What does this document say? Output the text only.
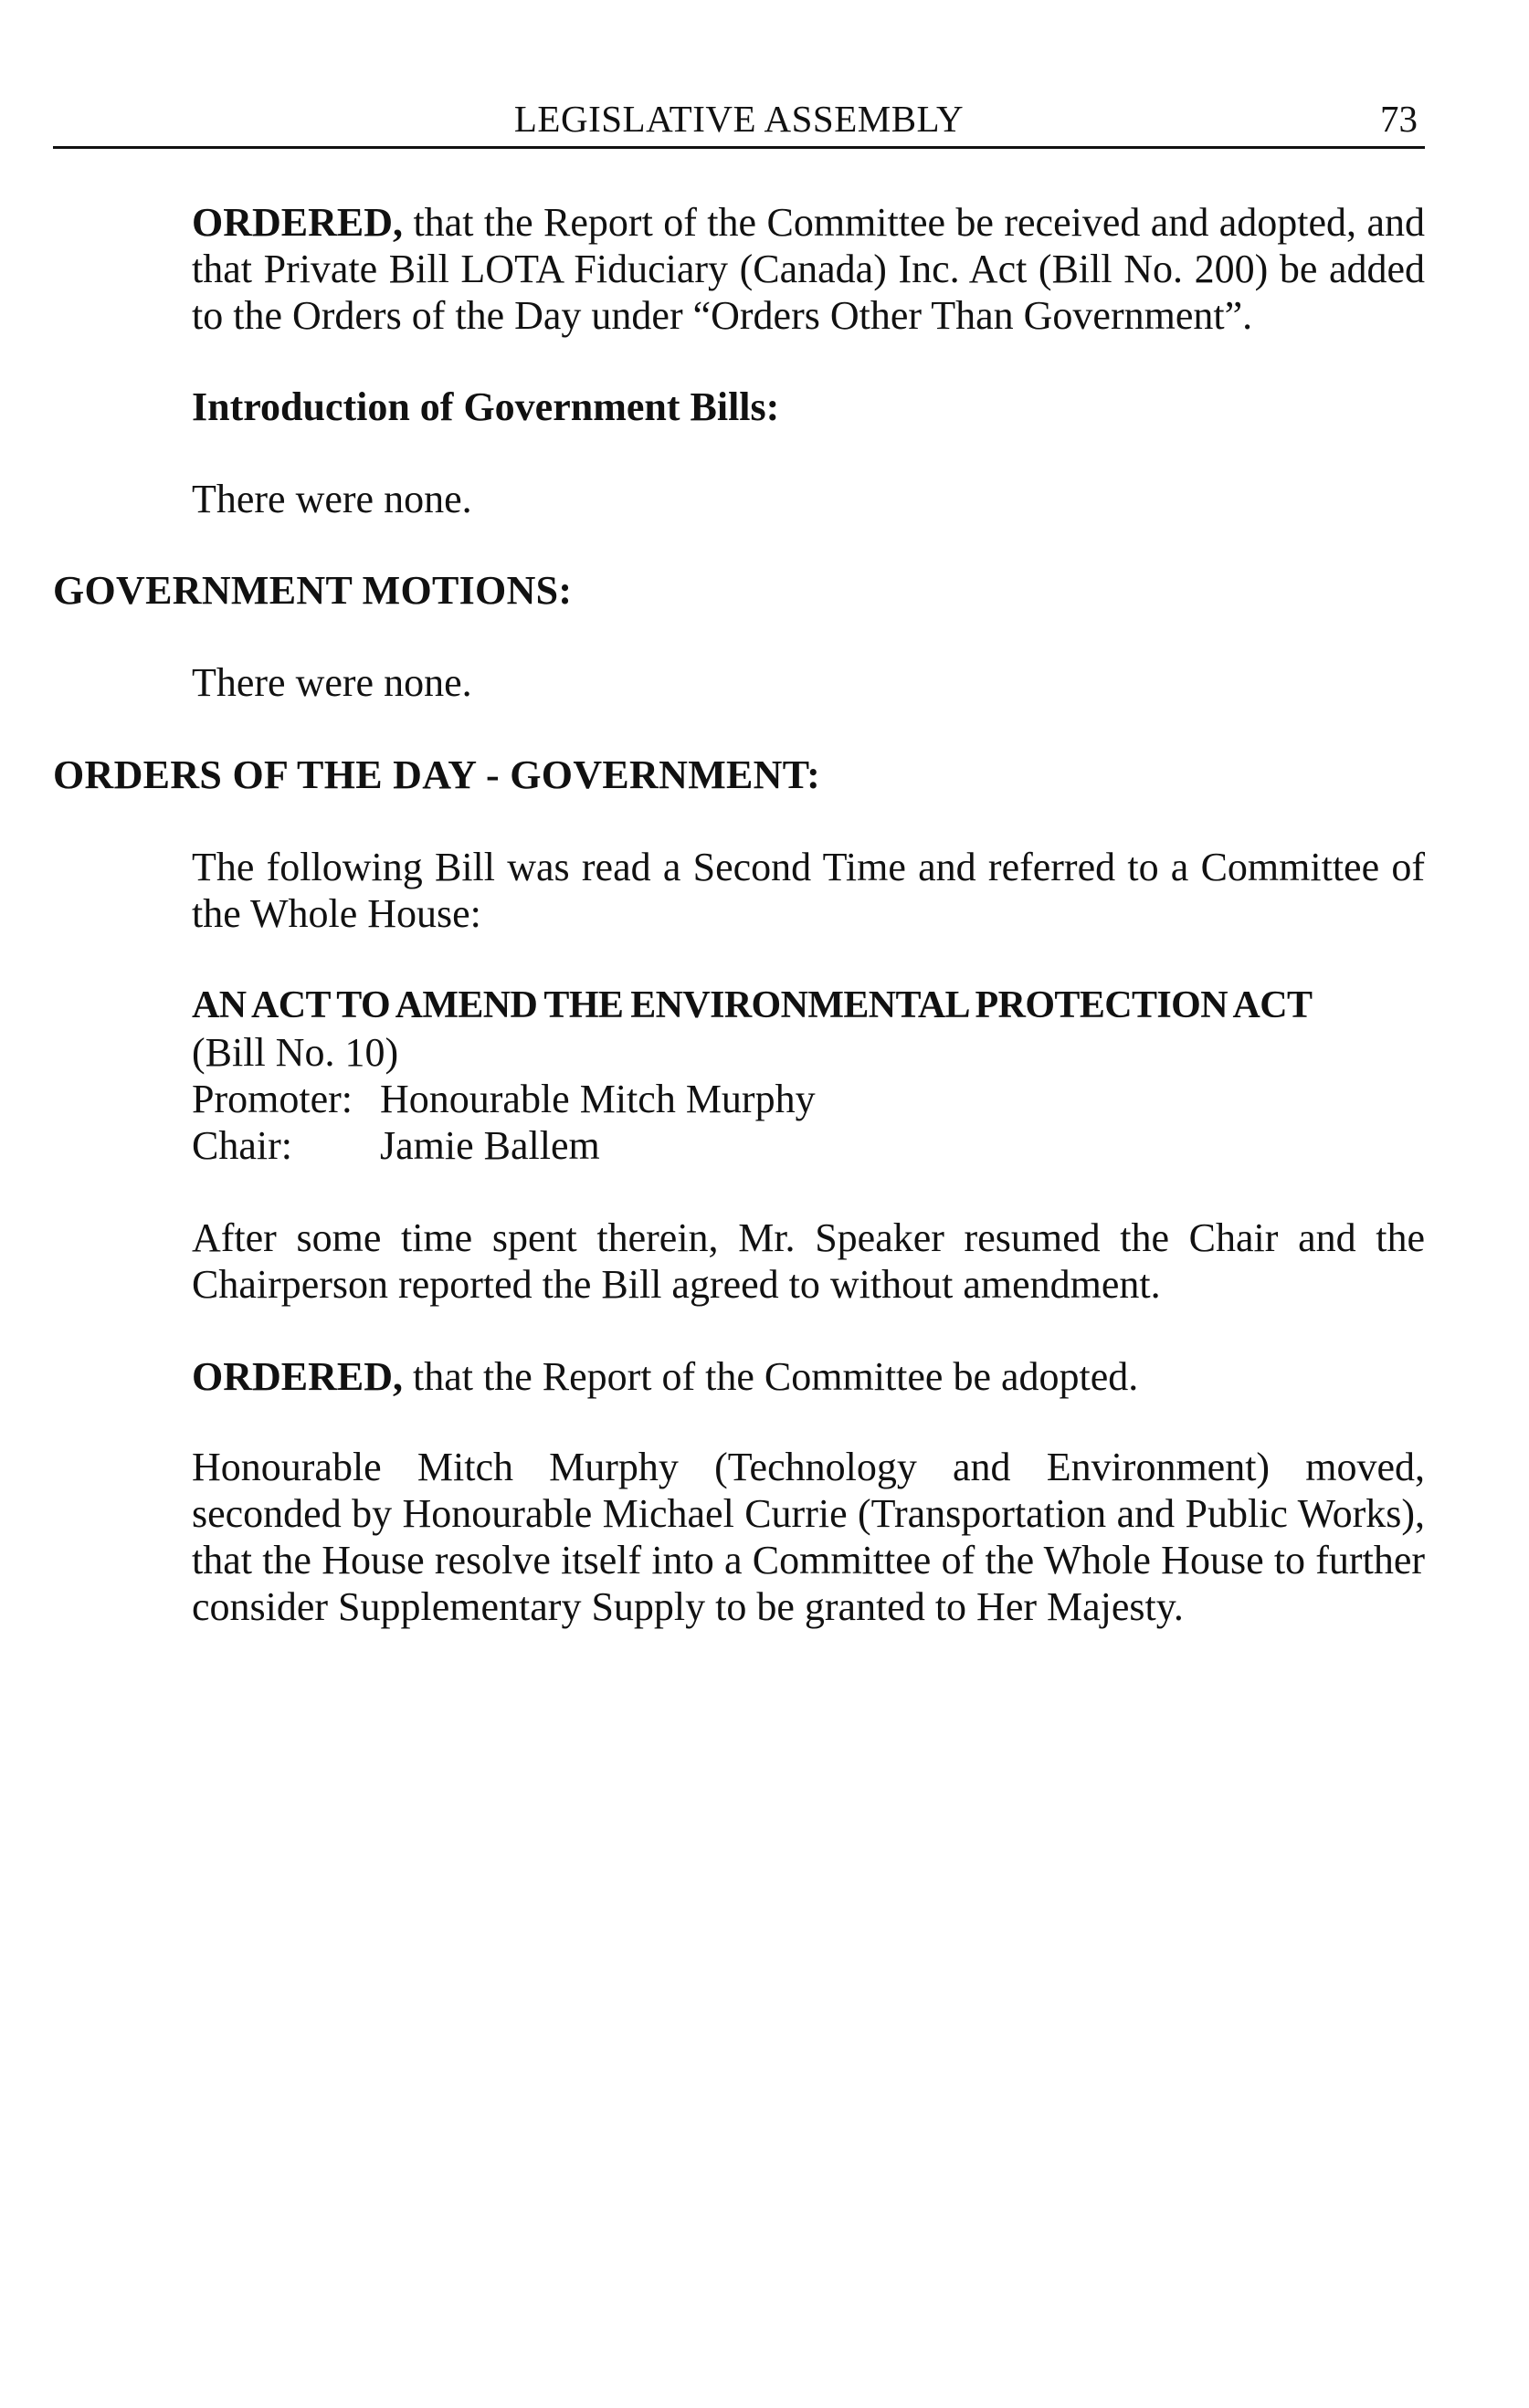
LEGISLATIVE ASSEMBLY	73
ORDERED, that the Report of the Committee be received and adopted, and that Private Bill LOTA Fiduciary (Canada) Inc. Act (Bill No. 200) be added to the Orders of the Day under “Orders Other Than Government”.
Introduction of Government Bills:
There were none.
GOVERNMENT MOTIONS:
There were none.
ORDERS OF THE DAY - GOVERNMENT:
The following Bill was read a Second Time and referred to a Committee of the Whole House:
AN ACT TO AMEND THE ENVIRONMENTAL PROTECTION ACT
(Bill No. 10)
Promoter: Honourable Mitch Murphy
Chair:	Jamie Ballem
After some time spent therein, Mr. Speaker resumed the Chair and the Chairperson reported the Bill agreed to without amendment.
ORDERED, that the Report of the Committee be adopted.
Honourable Mitch Murphy (Technology and Environment) moved, seconded by Honourable Michael Currie (Transportation and Public Works), that the House resolve itself into a Committee of the Whole House to further consider Supplementary Supply to be granted to Her Majesty.
